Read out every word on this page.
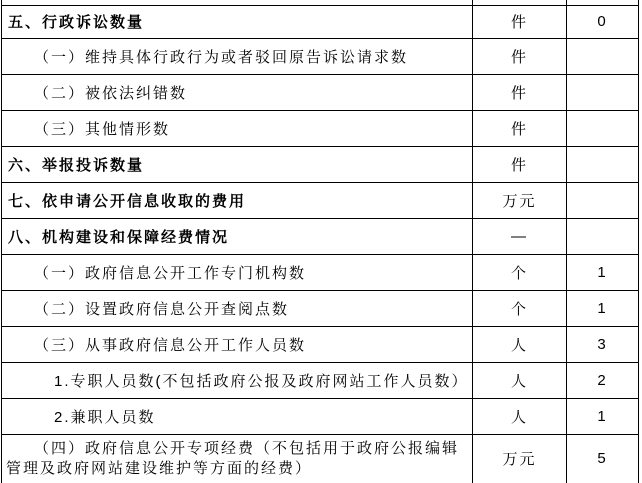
五、行政诉讼数量	件	0
（一）维持具体行政行为或者驳回原告诉讼请求数	件	
（二）被依法纠错数	件	
（三）其他情形数	件	
六、举报投诉数量	件	
七、依申请公开信息收取的费用	万元	
八、机构建设和保障经费情况	—	
（一）政府信息公开工作专门机构数	个	1
（二）设置政府信息公开查阅点数	个	1
（三）从事政府信息公开工作人员数	人	3
1.专职人员数(不包括政府公报及政府网站工作人员数）	人	2
2.兼职人员数	人	1
（四）政府信息公开专项经费（不包括用于政府公报编辑管理及政府网站建设维护等方面的经费）	万元	5
